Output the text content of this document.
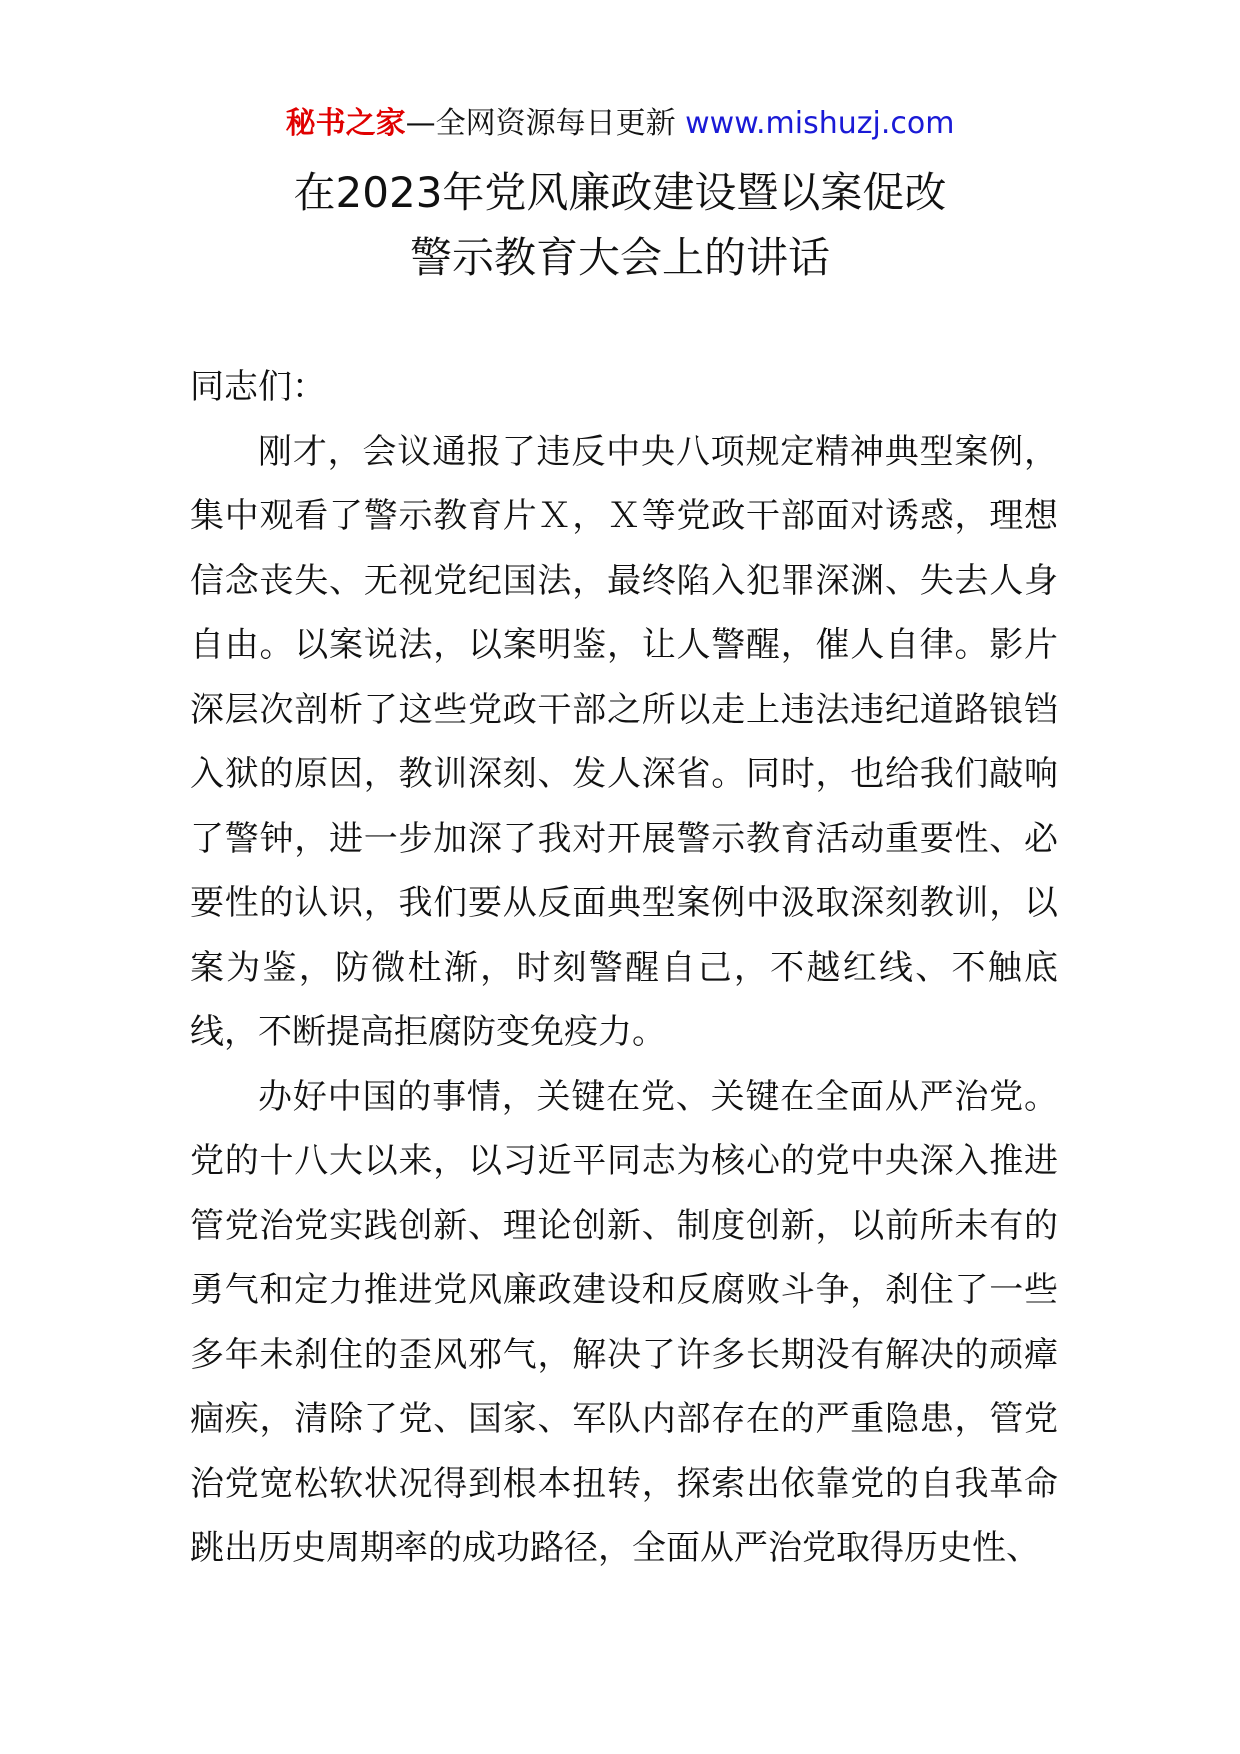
秘书之家—全网资源每日更新 www.mishuzj.com
在2023年党风廉政建设暨以案促改
警示教育大会上的讲话

同志们：

刚才，会议通报了违反中央八项规定精神典型案例，集中观看了警示教育片Ｘ，Ｘ等党政干部面对诱惑，理想信念丧失、无视党纪国法，最终陷入犯罪深渊、失去人身自由。以案说法，以案明鉴，让人警醒，催人自律。影片深层次剖析了这些党政干部之所以走上违法违纪道路锒铛入狱的原因，教训深刻、发人深省。同时，也给我们敲响了警钟，进一步加深了我对开展警示教育活动重要性、必要性的认识，我们要从反面典型案例中汲取深刻教训，以案为鉴，防微杜渐，时刻警醒自己，不越红线、不触底线，不断提高拒腐防变免疫力。

办好中国的事情，关键在党、关键在全面从严治党。党的十八大以来，以习近平同志为核心的党中央深入推进管党治党实践创新、理论创新、制度创新，以前所未有的勇气和定力推进党风廉政建设和反腐败斗争，刹住了一些多年未刹住的歪风邪气，解决了许多长期没有解决的顽瘴痼疾，清除了党、国家、军队内部存在的严重隐患，管党治党宽松软状况得到根本扭转，探索出依靠党的自我革命跳出历史周期率的成功路径，全面从严治党取得历史性、
